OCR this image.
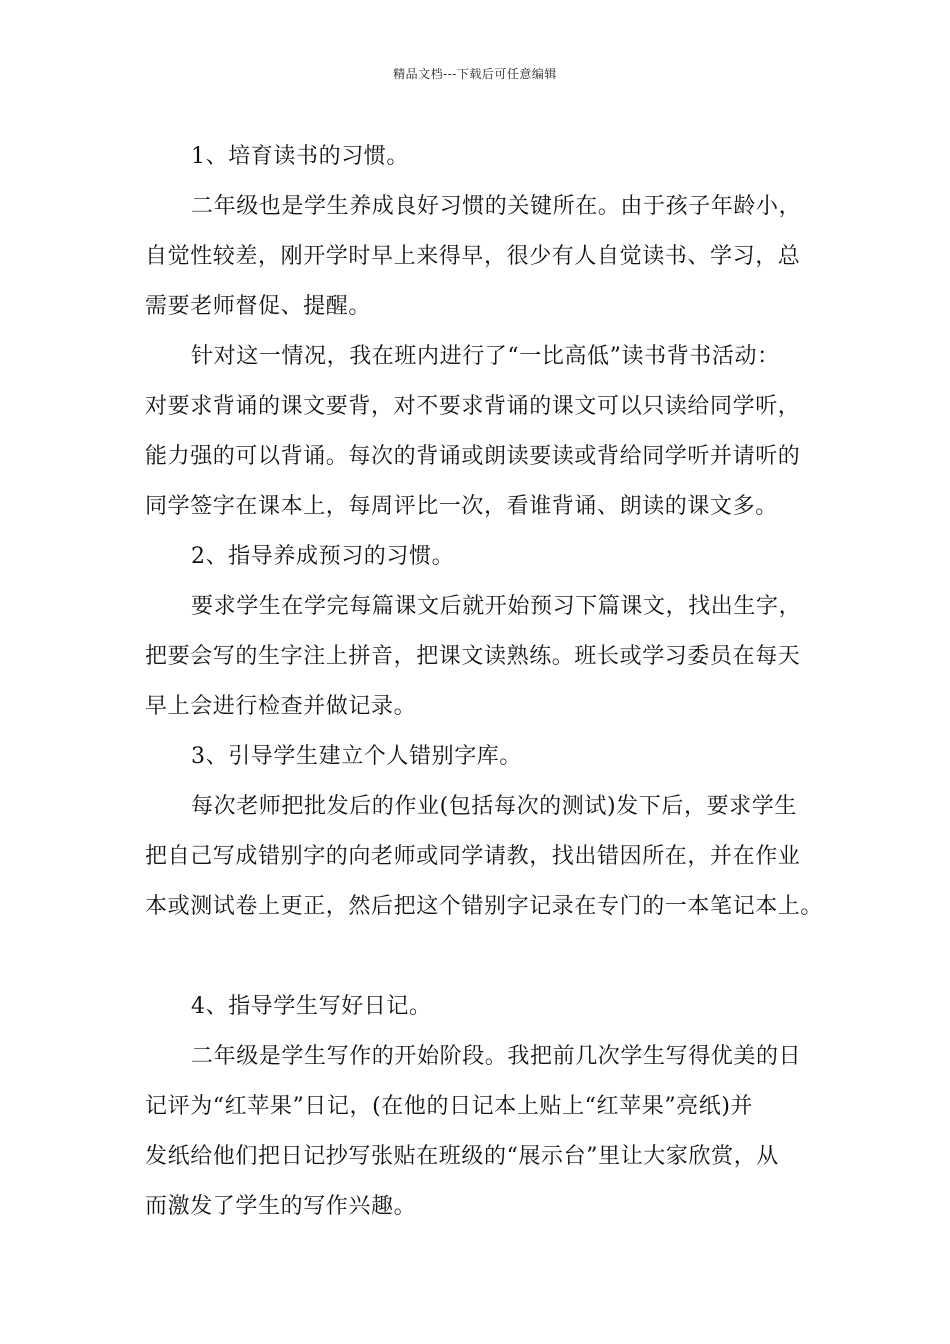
精品文档---下载后可任意编辑
1、培育读书的习惯。
二年级也是学生养成良好习惯的关键所在。由于孩子年龄小，
自觉性较差，刚开学时早上来得早，很少有人自觉读书、学习，总
需要老师督促、提醒。
针对这一情况，我在班内进行了“一比高低”读书背书活动：
对要求背诵的课文要背，对不要求背诵的课文可以只读给同学听，
能力强的可以背诵。每次的背诵或朗读要读或背给同学听并请听的
同学签字在课本上，每周评比一次，看谁背诵、朗读的课文多。
2、指导养成预习的习惯。
要求学生在学完每篇课文后就开始预习下篇课文，找出生字，
把要会写的生字注上拼音，把课文读熟练。班长或学习委员在每天
早上会进行检查并做记录。
3、引导学生建立个人错别字库。
每次老师把批发后的作业(包括每次的测试)发下后，要求学生
把自己写成错别字的向老师或同学请教，找出错因所在，并在作业
本或测试卷上更正，然后把这个错别字记录在专门的一本笔记本上。
4、指导学生写好日记。
二年级是学生写作的开始阶段。我把前几次学生写得优美的日
记评为“红苹果”日记，(在他的日记本上贴上“红苹果”亮纸)并
发纸给他们把日记抄写张贴在班级的“展示台”里让大家欣赏，从
而激发了学生的写作兴趣。
